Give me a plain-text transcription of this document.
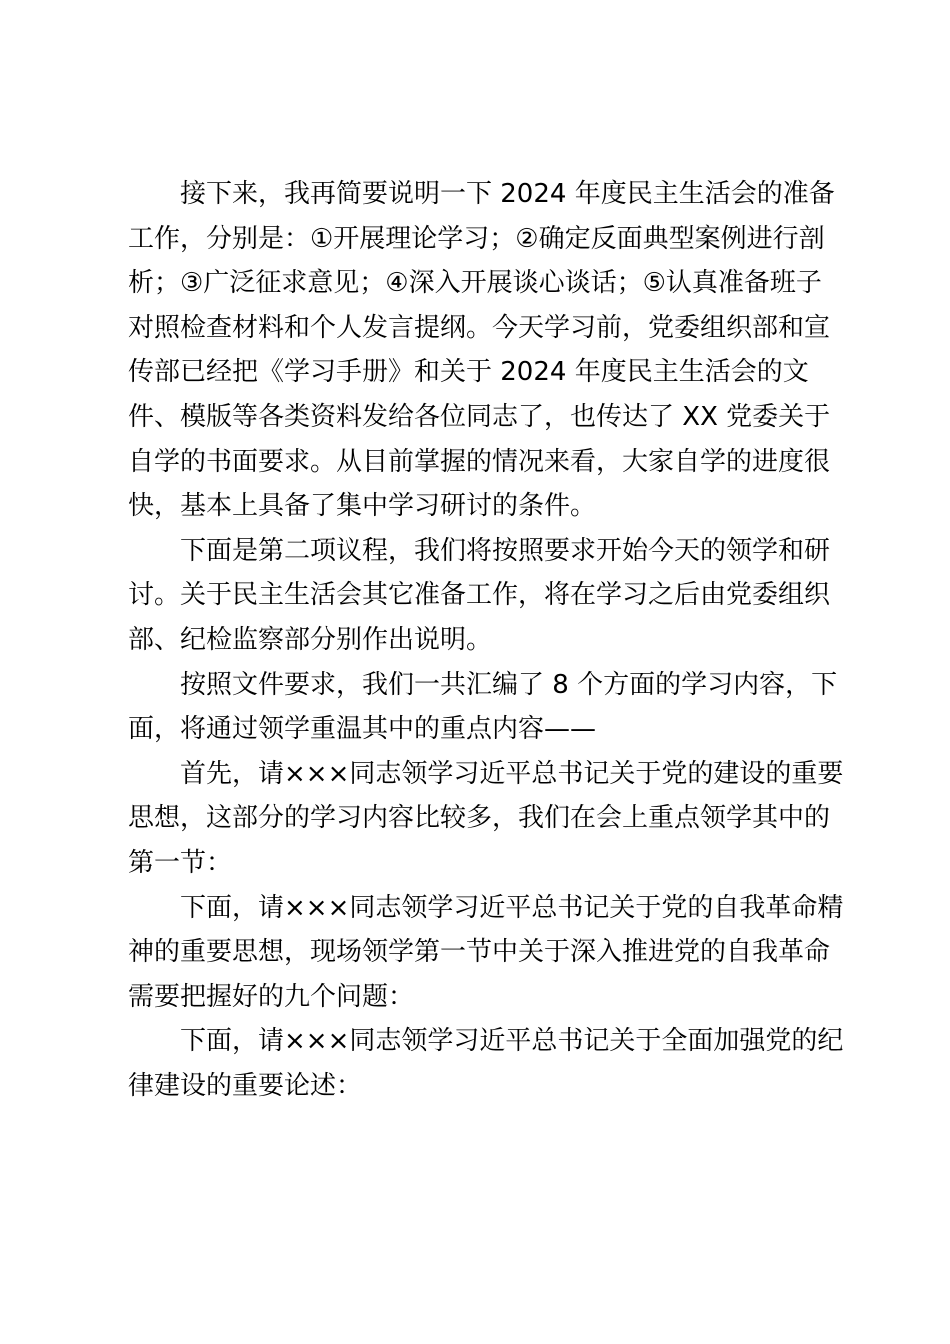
接下来，我再简要说明一下 2024 年度民主生活会的准备
工作，分别是：①开展理论学习；②确定反面典型案例进行剖
析；③广泛征求意见；④深入开展谈心谈话；⑤认真准备班子
对照检查材料和个人发言提纲。今天学习前，党委组织部和宣
传部已经把《学习手册》和关于 2024 年度民主生活会的文
件、模版等各类资料发给各位同志了，也传达了 XX 党委关于
自学的书面要求。从目前掌握的情况来看，大家自学的进度很
快，基本上具备了集中学习研讨的条件。

下面是第二项议程，我们将按照要求开始今天的领学和研
讨。关于民主生活会其它准备工作，将在学习之后由党委组织
部、纪检监察部分别作出说明。

按照文件要求，我们一共汇编了 8 个方面的学习内容，下
面，将通过领学重温其中的重点内容——

首先，请×××同志领学习近平总书记关于党的建设的重要
思想，这部分的学习内容比较多，我们在会上重点领学其中的
第一节：

下面，请×××同志领学习近平总书记关于党的自我革命精
神的重要思想，现场领学第一节中关于深入推进党的自我革命
需要把握好的九个问题：

下面，请×××同志领学习近平总书记关于全面加强党的纪
律建设的重要论述：
